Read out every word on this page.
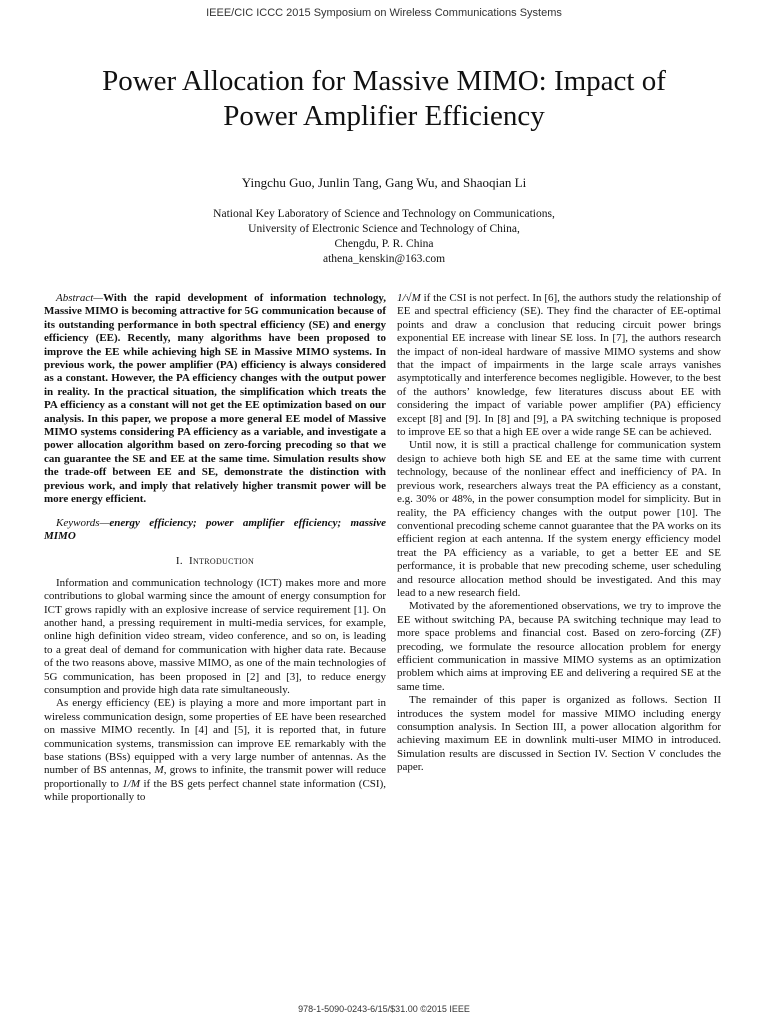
IEEE/CIC ICCC 2015 Symposium on Wireless Communications Systems
Power Allocation for Massive MIMO: Impact of
Power Amplifier Efficiency
Yingchu Guo, Junlin Tang, Gang Wu, and Shaoqian Li
National Key Laboratory of Science and Technology on Communications,
University of Electronic Science and Technology of China,
Chengdu, P. R. China
athena_kenskin@163.com

Abstract—With the rapid development of information technology, Massive MIMO is becoming attractive for 5G communication because of its outstanding performance in both spectral efficiency (SE) and energy efficiency (EE). Recently, many algorithms have been proposed to improve the EE while achieving high SE in Massive MIMO systems. In previous work, the power amplifier (PA) efficiency is always considered as a constant. However, the PA efficiency changes with the output power in reality. In the practical situation, the simplification which treats the PA efficiency as a constant will not get the EE optimization based on our analysis. In this paper, we propose a more general EE model of Massive MIMO systems considering PA efficiency as a variable, and investigate a power allocation algorithm based on zero-forcing precoding so that we can guarantee the SE and EE at the same time. Simulation results show the trade-off between EE and SE, demonstrate the distinction with previous work, and imply that relatively higher transmit power will be more energy efficient.

Keywords—energy efficiency; power amplifier efficiency; massive MIMO

I. Introduction

Information and communication technology (ICT) makes more and more contributions to global warming since the amount of energy consumption for ICT grows rapidly with an explosive increase of service requirement [1]. On another hand, a pressing requirement in multi-media services, for example, online high definition video stream, video conference, and so on, is leading to a great deal of demand for communication with higher data rate. Because of the two reasons above, massive MIMO, as one of the main technologies of 5G communication, has been proposed in [2] and [3], to reduce energy consumption and provide high data rate simultaneously.

As energy efficiency (EE) is playing a more and more important part in wireless communication design, some properties of EE have been researched on massive MIMO recently. In [4] and [5], it is reported that, in future communication systems, transmission can improve EE remarkably with the base stations (BSs) equipped with a very large number of antennas. As the number of BS antennas, M, grows to infinite, the transmit power will reduce proportionally to 1/M if the BS gets perfect channel state information (CSI), while proportionally to

1/√M if the CSI is not perfect. In [6], the authors study the relationship of EE and spectral efficiency (SE). They find the character of EE-optimal points and draw a conclusion that reducing circuit power brings exponential EE increase with linear SE loss. In [7], the authors research the impact of non-ideal hardware of massive MIMO systems and show that the impact of impairments in the large scale arrays vanishes asymptotically and interference becomes negligible. However, to the best of the authors’ knowledge, few literatures discuss about EE with considering the impact of variable power amplifier (PA) efficiency except [8] and [9]. In [8] and [9], a PA switching technique is proposed to improve EE so that a high EE over a wide range SE can be achieved.

Until now, it is still a practical challenge for communication system design to achieve both high SE and EE at the same time with current technology, because of the nonlinear effect and inefficiency of PA. In previous work, researchers always treat the PA efficiency as a constant, e.g. 30% or 48%, in the power consumption model for simplicity. But in reality, the PA efficiency changes with the output power [10]. The conventional precoding scheme cannot guarantee that the PA works on its efficient region at each antenna. If the system energy efficiency model treat the PA efficiency as a variable, to get a better EE and SE performance, it is probable that new precoding scheme, user scheduling and resource allocation method should be investigated. And this may lead to a new research field.

Motivated by the aforementioned observations, we try to improve the EE without switching PA, because PA switching technique may lead to more space problems and financial cost. Based on zero-forcing (ZF) precoding, we formulate the resource allocation problem for energy efficient communication in massive MIMO systems as an optimization problem which aims at improving EE and delivering a required SE at the same time.

The remainder of this paper is organized as follows. Section II introduces the system model for massive MIMO including energy consumption analysis. In Section III, a power allocation algorithm for achieving maximum EE in downlink multi-user MIMO in introduced. Simulation results are discussed in Section IV. Section V concludes the paper.

978-1-5090-0243-6/15/$31.00 ©2015 IEEE
